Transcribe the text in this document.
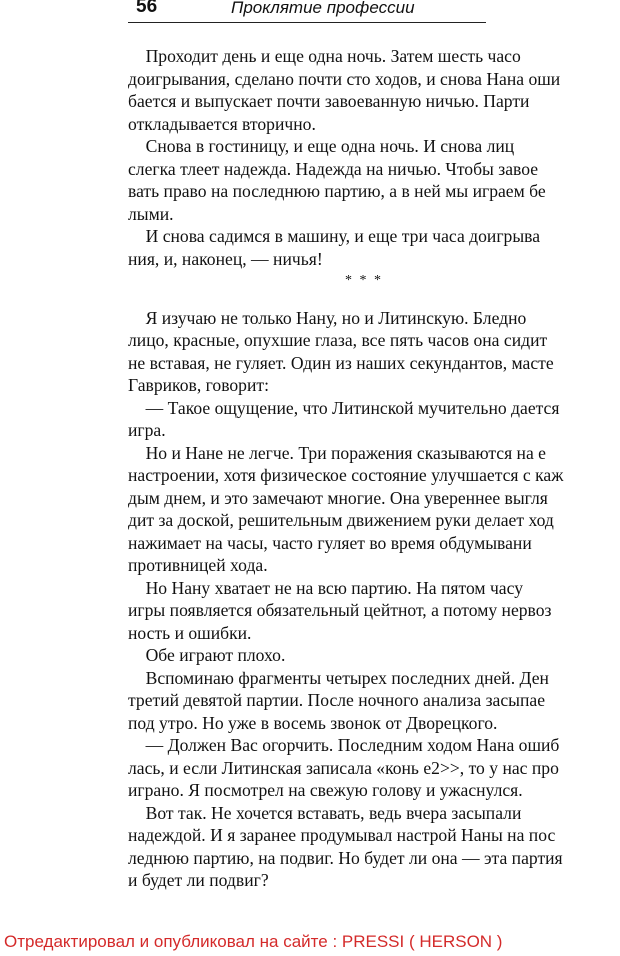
56	Проклятие профессии
Проходит день и еще одна ночь. Затем шесть часо
доигрывания, сделано почти сто ходов, и снова Нана оши
бается и выпускает почти завоеванную ничью. Парти
откладывается вторично.
Снова в гостиницу, и еще одна ночь. И снова лиц
слегка тлеет надежда. Надежда на ничью. Чтобы завое
вать право на последнюю партию, а в ней мы играем бе
лыми.
И снова садимся в машину, и еще три часа доигрыва
ния, и, наконец, — ничья!
* * *
Я изучаю не только Нану, но и Литинскую. Бледно
лицо, красные, опухшие глаза, все пять часов она сидит
не вставая, не гуляет. Один из наших секундантов, масте
Гавриков, говорит:
— Такое ощущение, что Литинской мучительно дается
игра.
Но и Нане не легче. Три поражения сказываются на е
настроении, хотя физическое состояние улучшается с каж
дым днем, и это замечают многие. Она увереннее выгля
дит за доской, решительным движением руки делает ход
нажимает на часы, часто гуляет во время обдумывани
противницей хода.
Но Нану хватает не на всю партию. На пятом часу
игры появляется обязательный цейтнот, а потому нервоз
ность и ошибки.
Обе играют плохо.
Вспоминаю фрагменты четырех последних дней. Ден
третий девятой партии. После ночного анализа засыпае
под утро. Но уже в восемь звонок от Дворецкого.
— Должен Вас огорчить. Последним ходом Нана ошиб
лась, и если Литинская записала «конь е2>>, то у нас про
играно. Я посмотрел на свежую голову и ужаснулся.
Вот так. Не хочется вставать, ведь вчера засыпали
надеждой. И я заранее продумывал настрой Наны на пос
леднюю партию, на подвиг. Но будет ли она — эта партия
и будет ли подвиг?
Отредактировал и опубликовал на сайте : PRESSI ( HERSON )
